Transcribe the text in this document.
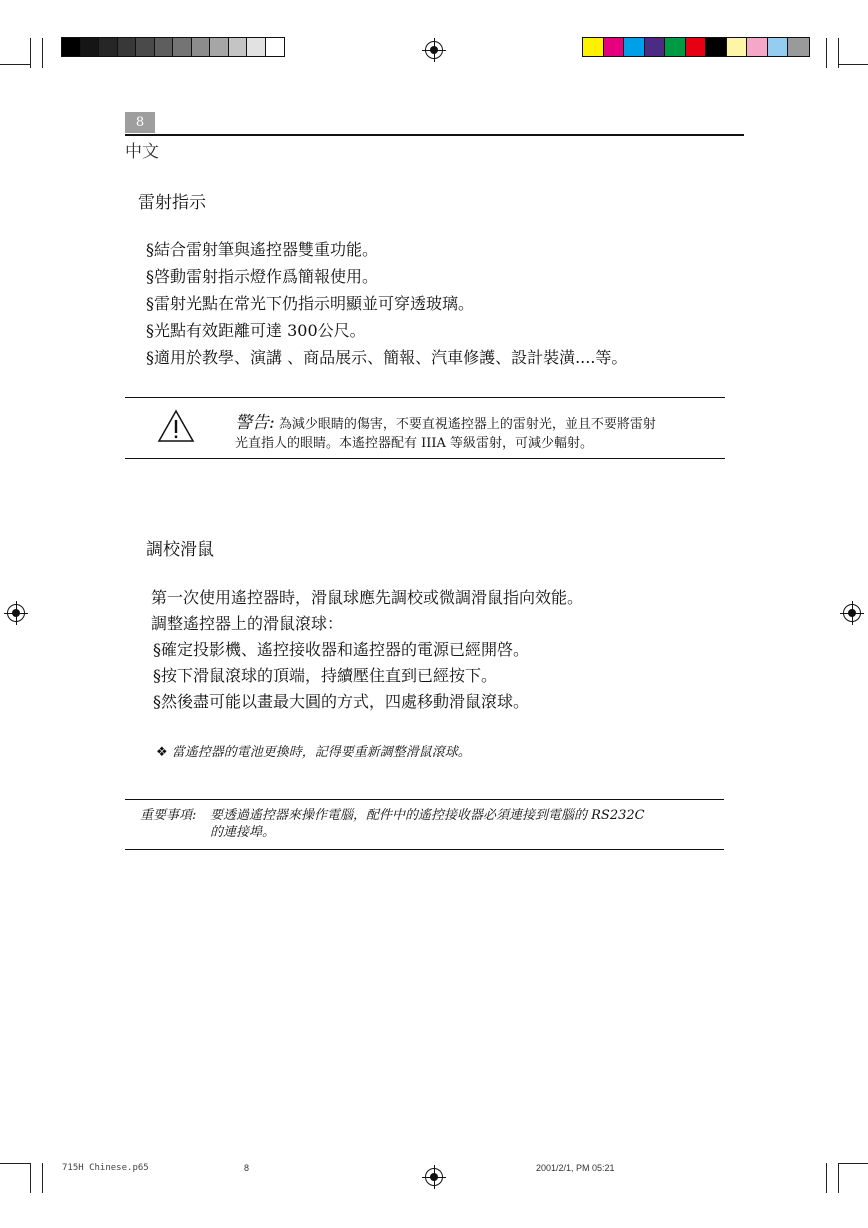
8
中文
雷射指示
§結合雷射筆與遙控器雙重功能。
§啓動雷射指示燈作爲簡報使用。
§雷射光點在常光下仍指示明顯並可穿透玻璃。
§光點有效距離可達 300公尺。
§適用於教學、演講 、商品展示、簡報、汽車修護、設計裝潢....等。
警告: 為減少眼睛的傷害，不要直視遙控器上的雷射光，並且不要將雷射
光直指人的眼睛。本遙控器配有 IIIA 等級雷射，可減少輻射。
調校滑鼠
第一次使用遙控器時，滑鼠球應先調校或微調滑鼠指向效能。
調整遙控器上的滑鼠滾球：
§確定投影機、遙控接收器和遙控器的電源已經開啓。
§按下滑鼠滾球的頂端，持續壓住直到已經按下。
§然後盡可能以畫最大圓的方式，四處移動滑鼠滾球。
❖ 當遙控器的電池更換時，記得要重新調整滑鼠滾球。
重要事項: 要透過遙控器來操作電腦，配件中的遙控接收器必須連接到電腦的 RS232C
的連接埠。
715H Chinese.p65	8	2001/2/1, PM 05:21
